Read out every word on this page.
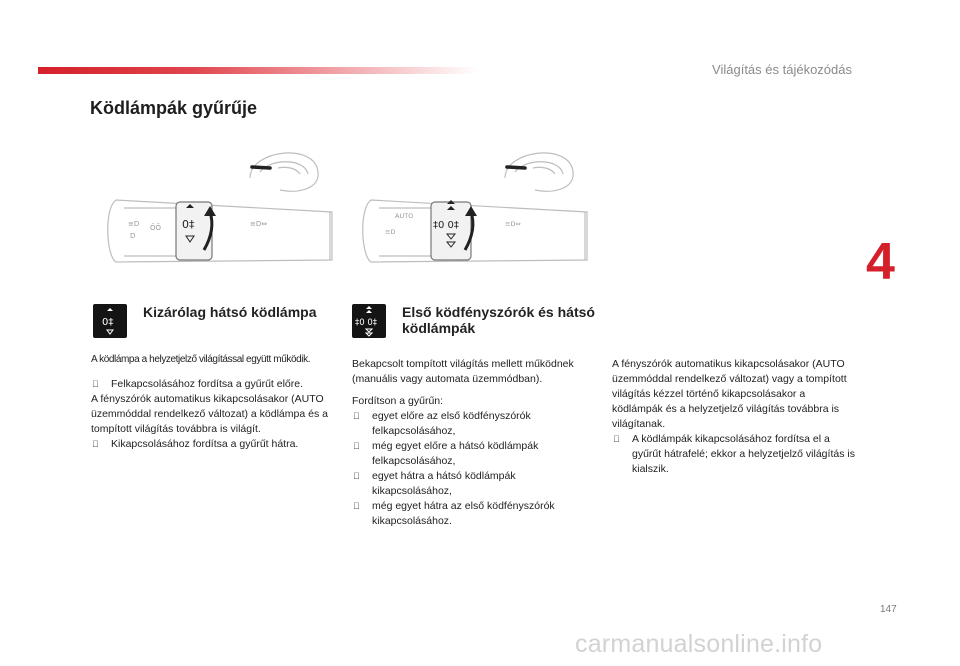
Világítás és tájékozódás
Ködlámpák gyűrűje
4
≡D
D
ŌŌ	≡D⇔
0‡
AUTO
≡D
≡D⇔
‡0 0‡
0‡	‡0 0‡
Kizárólag hátsó ködlámpa	Első ködfényszórók és hátsó ködlámpák
A ködlámpa a helyzetjelző világítással együtt működik.
Felkapcsolásához fordítsa a gyűrűt előre.

A fényszórók automatikus kikapcsolásakor (AUTO üzemmóddal rendelkező változat) a ködlámpa és a tompított világítás továbbra is világít.

Kikapcsolásához fordítsa a gyűrűt hátra.

Bekapcsolt tompított világítás mellett működnek (manuális vagy automata üzemmódban).

Fordítson a gyűrűn:

egyet előre az első ködfényszórók felkapcsolásához,
még egyet előre a hátsó ködlámpák felkapcsolásához,
egyet hátra a hátsó ködlámpák kikapcsolásához,
még egyet hátra az első ködfényszórók kikapcsolásához.

A fényszórók automatikus kikapcsolásakor (AUTO üzemmóddal rendelkező változat) vagy a tompított világítás kézzel történő kikapcsolásakor a ködlámpák és a helyzetjelző világítás továbbra is világítanak.

A ködlámpák kikapcsolásához fordítsa el a gyűrűt hátrafelé; ekkor a helyzetjelző világítás is kialszik.
147
carmanualsonline.info
